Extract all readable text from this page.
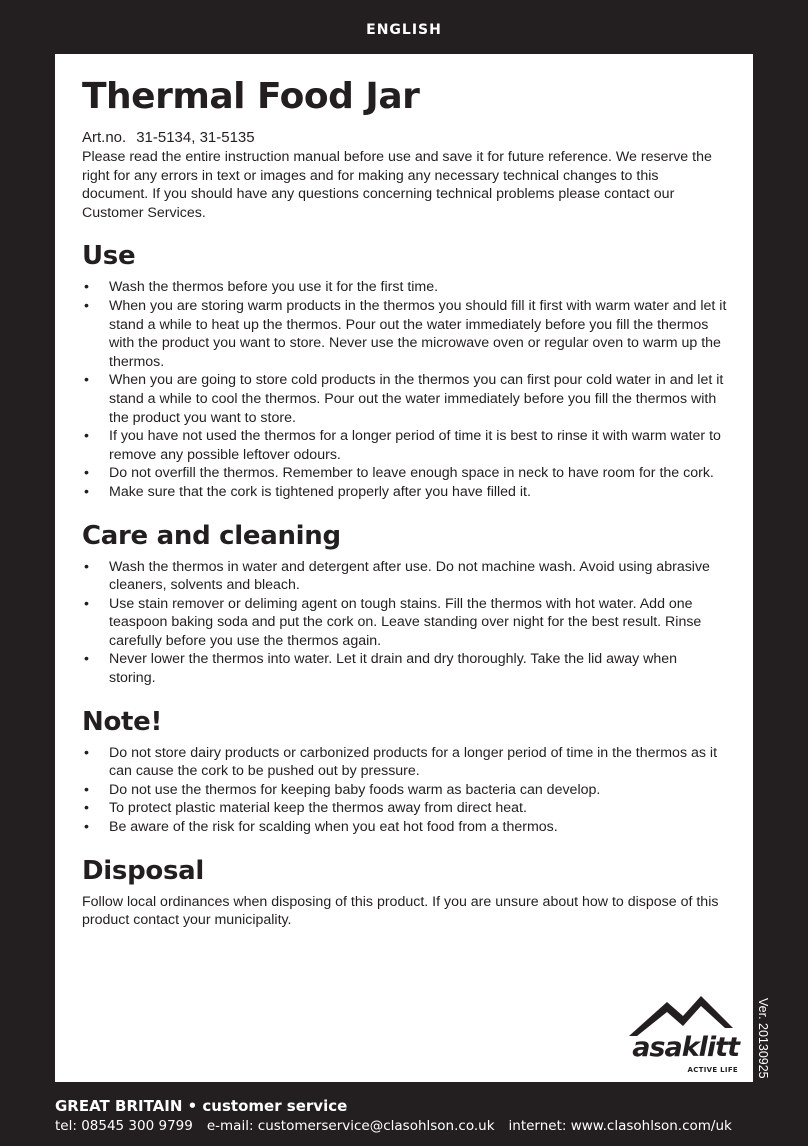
ENGLISH
Thermal Food Jar
Art.no. 31-5134, 31-5135

Please read the entire instruction manual before use and save it for future reference. We reserve the right for any errors in text or images and for making any necessary technical changes to this document. If you should have any questions concerning technical problems please contact our Customer Services.

Use
• Wash the thermos before you use it for the first time.
• When you are storing warm products in the thermos you should fill it first with warm water and let it stand a while to heat up the thermos. Pour out the water immediately before you fill the thermos with the product you want to store. Never use the microwave oven or regular oven to warm up the thermos.
• When you are going to store cold products in the thermos you can first pour cold water in and let it stand a while to cool the thermos. Pour out the water immediately before you fill the thermos with the product you want to store.
• If you have not used the thermos for a longer period of time it is best to rinse it with warm water to remove any possible leftover odours.
• Do not overfill the thermos. Remember to leave enough space in neck to have room for the cork.
• Make sure that the cork is tightened properly after you have filled it.
Care and cleaning
• Wash the thermos in water and detergent after use. Do not machine wash. Avoid using abrasive cleaners, solvents and bleach.
• Use stain remover or deliming agent on tough stains. Fill the thermos with hot water. Add one teaspoon baking soda and put the cork on. Leave standing over night for the best result. Rinse carefully before you use the thermos again.
• Never lower the thermos into water. Let it drain and dry thoroughly. Take the lid away when storing.
Note!
• Do not store dairy products or carbonized products for a longer period of time in the thermos as it can cause the cork to be pushed out by pressure.
• Do not use the thermos for keeping baby foods warm as bacteria can develop.
• To protect plastic material keep the thermos away from direct heat.
• Be aware of the risk for scalding when you eat hot food from a thermos.
Disposal

Follow local ordinances when disposing of this product. If you are unsure about how to dispose of this product contact your municipality.

asaklitt
ACTIVE LIFE Ver. 20130925
GREAT BRITAIN • customer service
tel: 08545 300 9799 e-mail: customerservice@clasohlson.co.uk internet: www.clasohlson.com/uk
